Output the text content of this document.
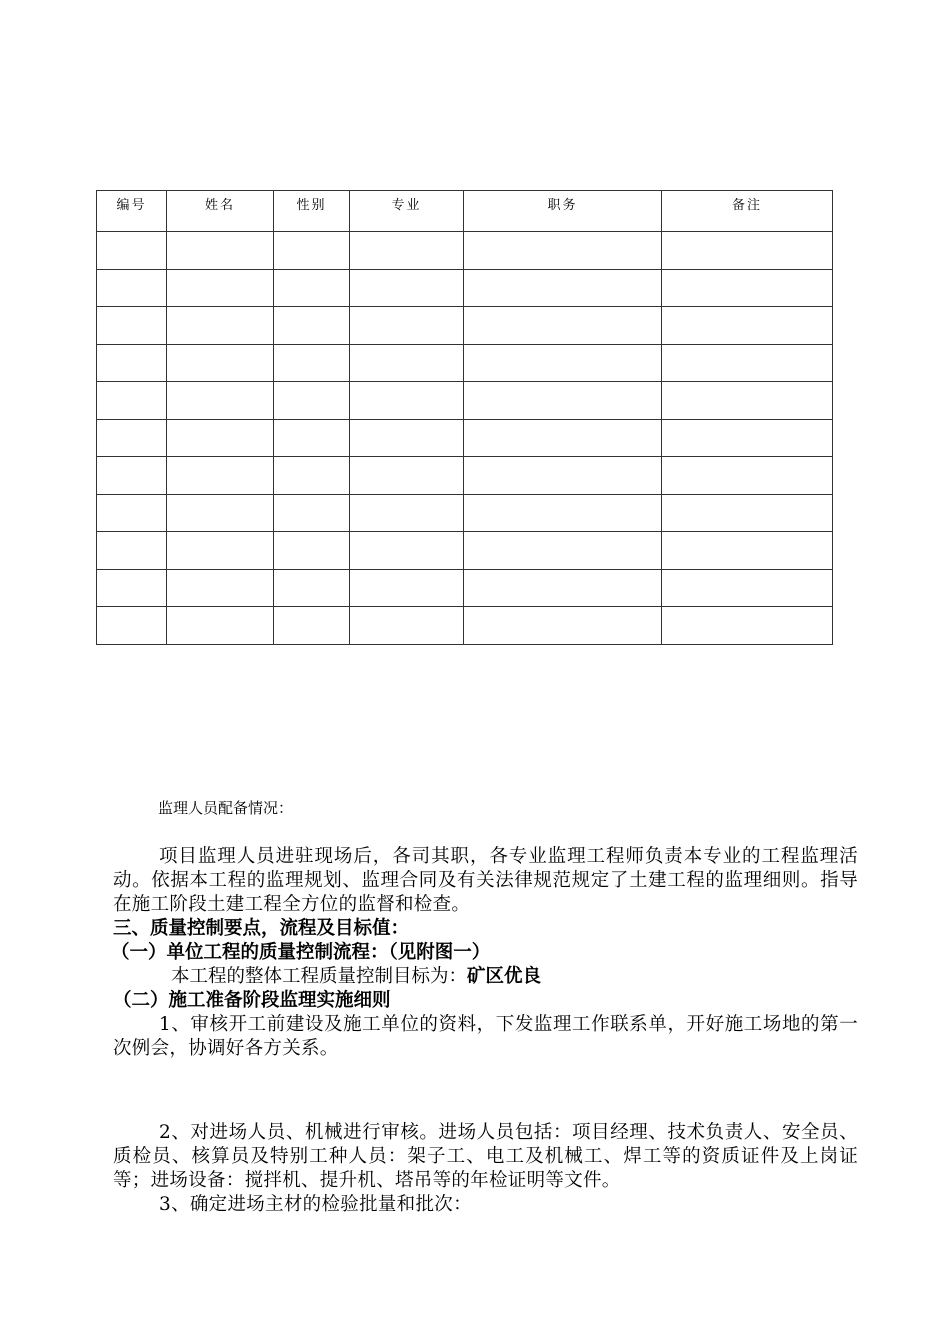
编号	姓名	性别	专业	职务	备注

监理人员配备情况：

项目监理人员进驻现场后，各司其职，各专业监理工程师负责本专业的工程监理活动。依据本工程的监理规划、监理合同及有关法律规范规定了土建工程的监理细则。指导在施工阶段土建工程全方位的监督和检查。

三、质量控制要点，流程及目标值：

（一）单位工程的质量控制流程：（见附图一）

本工程的整体工程质量控制目标为：矿区优良

（二）施工准备阶段监理实施细则

1、审核开工前建设及施工单位的资料，下发监理工作联系单，开好施工场地的第一次例会，协调好各方关系。

2、对进场人员、机械进行审核。进场人员包括：项目经理、技术负责人、安全员、质检员、核算员及特别工种人员：架子工、电工及机械工、焊工等的资质证件及上岗证等；进场设备：搅拌机、提升机、塔吊等的年检证明等文件。

3、确定进场主材的检验批量和批次：
